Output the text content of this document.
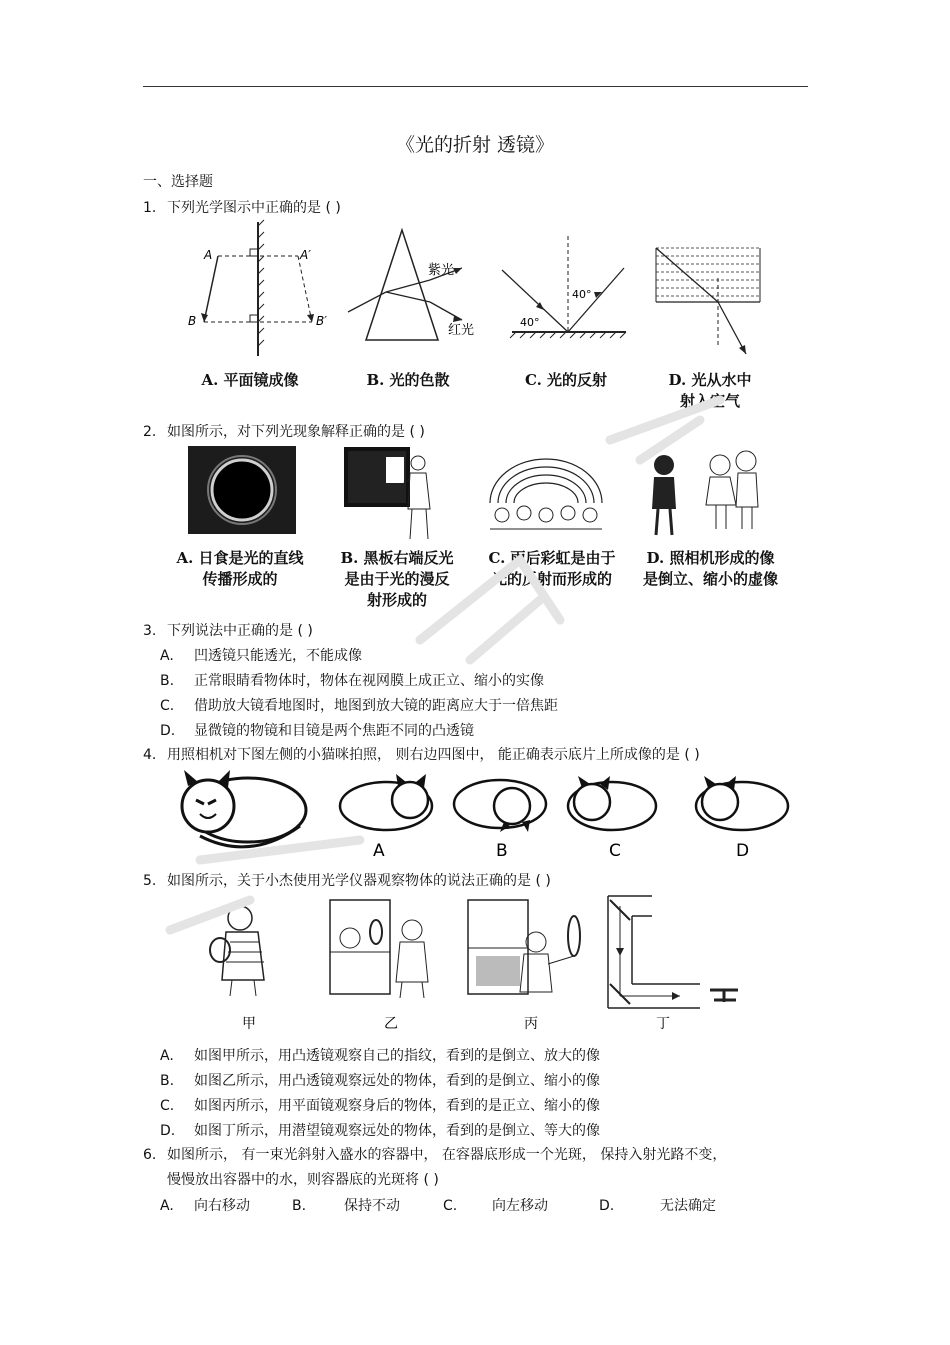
《光的折射 透镜》
一、选择题
1. 下列光学图示中正确的是 ( )
A	A′
B	B′
紫光
红光
40°
40°
A. 平面镜成像	B. 光的色散	C. 光的反射	D. 光从水中
射入空气
2. 如图所示，对下列光现象解释正确的是 ( )
A. 日食是光的直线
传播形成的
B. 黑板右端反光
是由于光的漫反
射形成的
C. 雨后彩虹是由于
光的反射而形成的
D. 照相机形成的像
是倒立、缩小的虚像
3. 下列说法中正确的是 ( )
A. 凹透镜只能透光，不能成像
B. 正常眼睛看物体时，物体在视网膜上成正立、缩小的实像
C. 借助放大镜看地图时，地图到放大镜的距离应大于一倍焦距
D. 显微镜的物镜和目镜是两个焦距不同的凸透镜
4. 用照相机对下图左侧的小猫咪拍照， 则右边四图中， 能正确表示底片上所成像的是 ( )
A	B	C	D
5. 如图所示，关于小杰使用光学仪器观察物体的说法正确的是 ( )
甲	乙	丙	丁
A. 如图甲所示，用凸透镜观察自己的指纹，看到的是倒立、放大的像
B. 如图乙所示，用凸透镜观察远处的物体，看到的是倒立、缩小的像
C. 如图丙所示，用平面镜观察身后的物体，看到的是正立、缩小的像
D. 如图丁所示，用潜望镜观察远处的物体，看到的是倒立、等大的像
6. 如图所示， 有一束光斜射入盛水的容器中， 在容器底形成一个光斑， 保持入射光路不变，
慢慢放出容器中的水，则容器底的光斑将 ( )
A. 向右移动	B.	保持不动	C. 向左移动	D.	无法确定
